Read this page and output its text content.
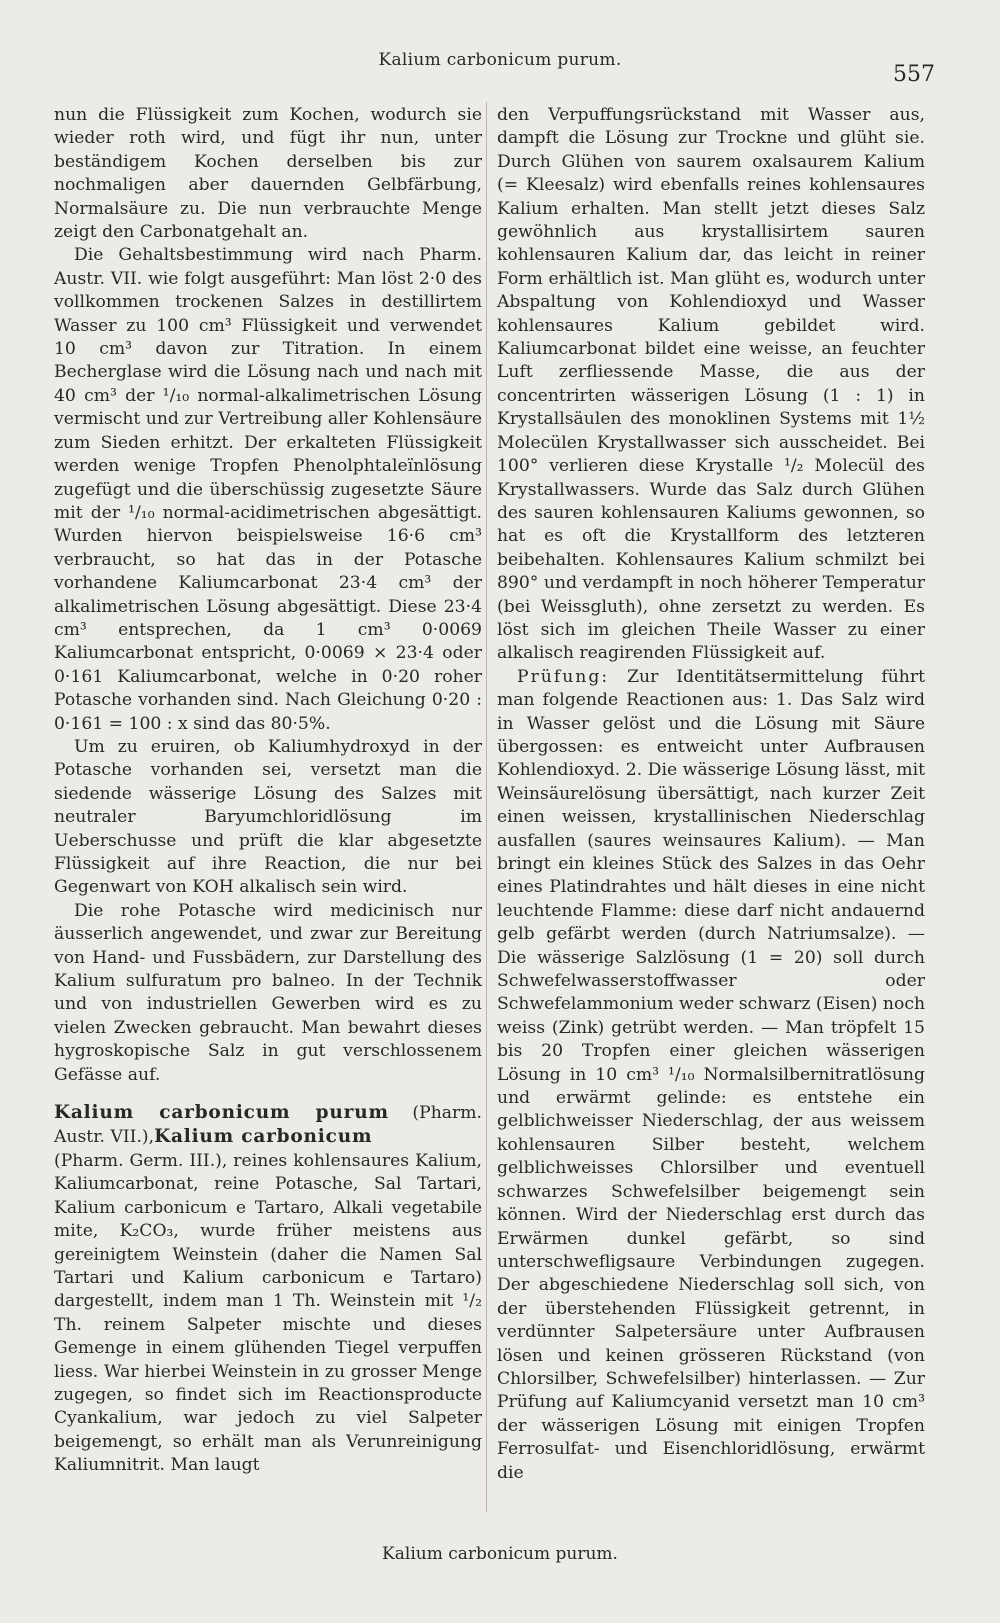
Kalium carbonicum purum.
557

nun die Flüssigkeit zum Kochen, wodurch sie wieder roth wird, und fügt ihr nun, unter beständigem Kochen derselben bis zur nochmaligen aber dauernden Gelbfärbung, Normalsäure zu. Die nun verbrauchte Menge zeigt den Carbonatgehalt an.

Die Gehaltsbestimmung wird nach Pharm. Austr. VII. wie folgt ausgeführt: Man löst 2·0 des vollkommen trockenen Salzes in destillirtem Wasser zu 100 cm³ Flüssigkeit und verwendet 10 cm³ davon zur Titration. In einem Becherglase wird die Lösung nach und nach mit 40 cm³ der ¹/₁₀ normal-alkalimetrischen Lösung vermischt und zur Vertreibung aller Kohlensäure zum Sieden erhitzt. Der erkalteten Flüssigkeit werden wenige Tropfen Phenolphtaleïnlösung zugefügt und die überschüssig zugesetzte Säure mit der ¹/₁₀ normal-acidimetrischen abgesättigt. Wurden hiervon beispielsweise 16·6 cm³ verbraucht, so hat das in der Potasche vorhandene Kaliumcarbonat 23·4 cm³ der alkalimetrischen Lösung abgesättigt. Diese 23·4 cm³ entsprechen, da 1 cm³ 0·0069 Kaliumcarbonat entspricht, 0·0069 × 23·4 oder 0·161 Kaliumcarbonat, welche in 0·20 roher Potasche vorhanden sind. Nach Gleichung 0·20 : 0·161 = 100 : x sind das 80·5%.

Um zu eruiren, ob Kaliumhydroxyd in der Potasche vorhanden sei, versetzt man die siedende wässerige Lösung des Salzes mit neutraler Baryumchloridlösung im Ueberschusse und prüft die klar abgesetzte Flüssigkeit auf ihre Reaction, die nur bei Gegenwart von KOH alkalisch sein wird.

Die rohe Potasche wird medicinisch nur äusserlich angewendet, und zwar zur Bereitung von Hand- und Fussbädern, zur Darstellung des Kalium sulfuratum pro balneo. In der Technik und von industriellen Gewerben wird es zu vielen Zwecken gebraucht. Man bewahrt dieses hygroskopische Salz in gut verschlossenem Gefässe auf.

Kalium carbonicum purum (Pharm. Austr. VII.),Kalium carbonicum

(Pharm. Germ. III.), reines kohlensaures Kalium, Kaliumcarbonat, reine Potasche, Sal Tartari, Kalium carbonicum e Tartaro, Alkali vegetabile mite, K₂CO₃, wurde früher meistens aus gereinigtem Weinstein (daher die Namen Sal Tartari und Kalium carbonicum e Tartaro) dargestellt, indem man 1 Th. Weinstein mit ¹/₂ Th. reinem Salpeter mischte und dieses Gemenge in einem glühenden Tiegel verpuffen liess. War hierbei Weinstein in zu grosser Menge zugegen, so findet sich im Reactionsproducte Cyankalium, war jedoch zu viel Salpeter beigemengt, so erhält man als Verunreinigung Kaliumnitrit. Man laugt

den Verpuffungsrückstand mit Wasser aus, dampft die Lösung zur Trockne und glüht sie. Durch Glühen von saurem oxalsaurem Kalium (= Kleesalz) wird ebenfalls reines kohlensaures Kalium erhalten. Man stellt jetzt dieses Salz gewöhnlich aus krystallisirtem sauren kohlensauren Kalium dar, das leicht in reiner Form erhältlich ist. Man glüht es, wodurch unter Abspaltung von Kohlendioxyd und Wasser kohlensaures Kalium gebildet wird. Kaliumcarbonat bildet eine weisse, an feuchter Luft zerfliessende Masse, die aus der concentrirten wässerigen Lösung (1 : 1) in Krystallsäulen des monoklinen Systems mit 1½ Molecülen Krystallwasser sich ausscheidet. Bei 100° verlieren diese Krystalle ¹/₂ Molecül des Krystallwassers. Wurde das Salz durch Glühen des sauren kohlensauren Kaliums gewonnen, so hat es oft die Krystallform des letzteren beibehalten. Kohlensaures Kalium schmilzt bei 890° und verdampft in noch höherer Temperatur (bei Weissgluth), ohne zersetzt zu werden. Es löst sich im gleichen Theile Wasser zu einer alkalisch reagirenden Flüssigkeit auf.

Prüfung: Zur Identitätsermittelung führt man folgende Reactionen aus: 1. Das Salz wird in Wasser gelöst und die Lösung mit Säure übergossen: es entweicht unter Aufbrausen Kohlendioxyd. 2. Die wässerige Lösung lässt, mit Weinsäurelösung übersättigt, nach kurzer Zeit einen weissen, krystallinischen Niederschlag ausfallen (saures weinsaures Kalium). — Man bringt ein kleines Stück des Salzes in das Oehr eines Platindrahtes und hält dieses in eine nicht leuchtende Flamme: diese darf nicht andauernd gelb gefärbt werden (durch Natriumsalze). — Die wässerige Salzlösung (1 = 20) soll durch Schwefelwasserstoffwasser oder Schwefelammonium weder schwarz (Eisen) noch weiss (Zink) getrübt werden. — Man tröpfelt 15 bis 20 Tropfen einer gleichen wässerigen Lösung in 10 cm³ ¹/₁₀ Normalsilbernitratlösung und erwärmt gelinde: es entstehe ein gelblichweisser Niederschlag, der aus weissem kohlensauren Silber besteht, welchem gelblichweisses Chlorsilber und eventuell schwarzes Schwefelsilber beigemengt sein können. Wird der Niederschlag erst durch das Erwärmen dunkel gefärbt, so sind unterschwefligsaure Verbindungen zugegen. Der abgeschiedene Niederschlag soll sich, von der überstehenden Flüssigkeit getrennt, in verdünnter Salpetersäure unter Aufbrausen lösen und keinen grösseren Rückstand (von Chlorsilber, Schwefelsilber) hinterlassen. — Zur Prüfung auf Kaliumcyanid versetzt man 10 cm³ der wässerigen Lösung mit einigen Tropfen Ferrosulfat- und Eisenchloridlösung, erwärmt die

Kalium carbonicum purum.
